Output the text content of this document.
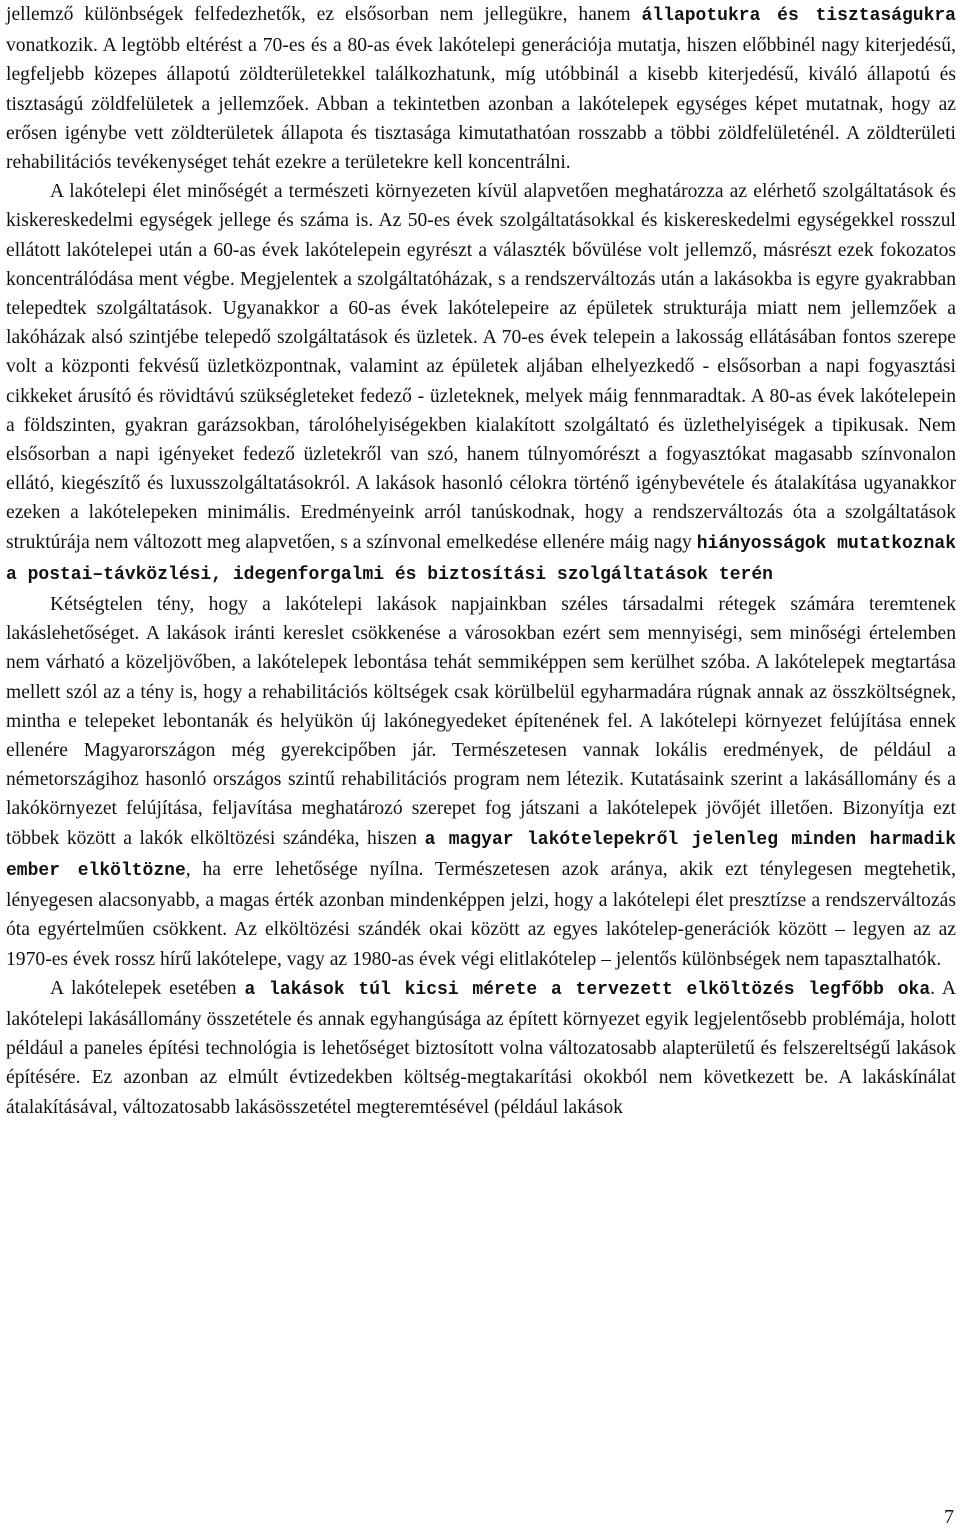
jellemző különbségek felfedezhetők, ez elsősorban nem jellegükre, hanem állapotukra és tisztaságukra vonatkozik. A legtöbb eltérést a 70-es és a 80-as évek lakótelepi generációja mutatja, hiszen előbbinél nagy kiterjedésű, legfeljebb közepes állapotú zöldterületekkel találkozhatunk, míg utóbbinál a kisebb kiterjedésű, kiváló állapotú és tisztaságú zöldfelületek a jellemzőek. Abban a tekintetben azonban a lakótelepek egységes képet mutatnak, hogy az erősen igénybe vett zöldterületek állapota és tisztasága kimutathatóan rosszabb a többi zöldfelületénél. A zöldterületi rehabilitációs tevékenységet tehát ezekre a területekre kell koncentrálni.

A lakótelepi élet minőségét a természeti környezeten kívül alapvetően meghatározza az elérhető szolgáltatások és kiskereskedelmi egységek jellege és száma is. Az 50-es évek szolgáltatásokkal és kiskereskedelmi egységekkel rosszul ellátott lakótelepei után a 60-as évek lakótelepein egyrészt a választék bővülése volt jellemző, másrészt ezek fokozatos koncentrálódása ment végbe. Megjelentek a szolgáltatóházak, s a rendszerváltozás után a lakásokba is egyre gyakrabban telepedtek szolgáltatások. Ugyanakkor a 60-as évek lakótelepeire az épületek strukturája miatt nem jellemzőek a lakóházak alsó szintjébe telepedő szolgáltatások és üzletek. A 70-es évek telepein a lakosság ellátásában fontos szerepe volt a központi fekvésű üzletközpontnak, valamint az épületek aljában elhelyezkedő - elsősorban a napi fogyasztási cikkeket árusító és rövidtávú szükségleteket fedező - üzleteknek, melyek máig fennmaradtak. A 80-as évek lakótelepein a földszinten, gyakran garázsokban, tárolóhelyiségekben kialakított szolgáltató és üzlethelyiségek a tipikusak. Nem elsősorban a napi igényeket fedező üzletekről van szó, hanem túlnyomórészt a fogyasztókat magasabb színvonalon ellátó, kiegészítő és luxusszolgáltatásokról. A lakások hasonló célokra történő igénybevétele és átalakítása ugyanakkor ezeken a lakótelepeken minimális. Eredményeink arról tanúskodnak, hogy a rendszerváltozás óta a szolgáltatások struktúrája nem változott meg alapvetően, s a színvonal emelkedése ellenére máig nagy hiányosságok mutatkoznak a postai–távközlési, idegenforgalmi és biztosítási szolgáltatások terén

Kétségtelen tény, hogy a lakótelepi lakások napjainkban széles társadalmi rétegek számára teremtenek lakáslehetőséget. A lakások iránti kereslet csökkenése a városokban ezért sem mennyiségi, sem minőségi értelemben nem várható a közeljövőben, a lakótelepek lebontása tehát semmiképpen sem kerülhet szóba. A lakótelepek megtartása mellett szól az a tény is, hogy a rehabilitációs költségek csak körülbelül egyharmadára rúgnak annak az összköltségnek, mintha e telepeket lebontanák és helyükön új lakónegyedeket építenének fel. A lakótelepi környezet felújítása ennek ellenére Magyarországon még gyerekcipőben jár. Természetesen vannak lokális eredmények, de például a németországihoz hasonló országos szintű rehabilitációs program nem létezik. Kutatásaink szerint a lakásállomány és a lakókörnyezet felújítása, feljavítása meghatározó szerepet fog játszani a lakótelepek jövőjét illetően. Bizonyítja ezt többek között a lakók elköltözési szándéka, hiszen a magyar lakótelepekről jelenleg minden harmadik ember elköltözne, ha erre lehetősége nyílna. Természetesen azok aránya, akik ezt ténylegesen megtehetik, lényegesen alacsonyabb, a magas érték azonban mindenképpen jelzi, hogy a lakótelepi élet presztízse a rendszerváltozás óta egyértelműen csökkent. Az elköltözési szándék okai között az egyes lakótelep-generációk között – legyen az az 1970-es évek rossz hírű lakótelepe, vagy az 1980-as évek végi elitlakótelep – jelentős különbségek nem tapasztalhatók.

A lakótelepek esetében a lakások túl kicsi mérete a tervezett elköltözés legfőbb oka. A lakótelepi lakásállomány összetétele és annak egyhangúsága az épített környezet egyik legjelentősebb problémája, holott például a paneles építési technológia is lehetőséget biztosított volna változatosabb alapterületű és felszereltségű lakások építésére. Ez azonban az elmúlt évtizedekben költség-megtakarítási okokból nem következett be. A lakáskínálat átalakításával, változatosabb lakásösszetétel megteremtésével (például lakások

7
